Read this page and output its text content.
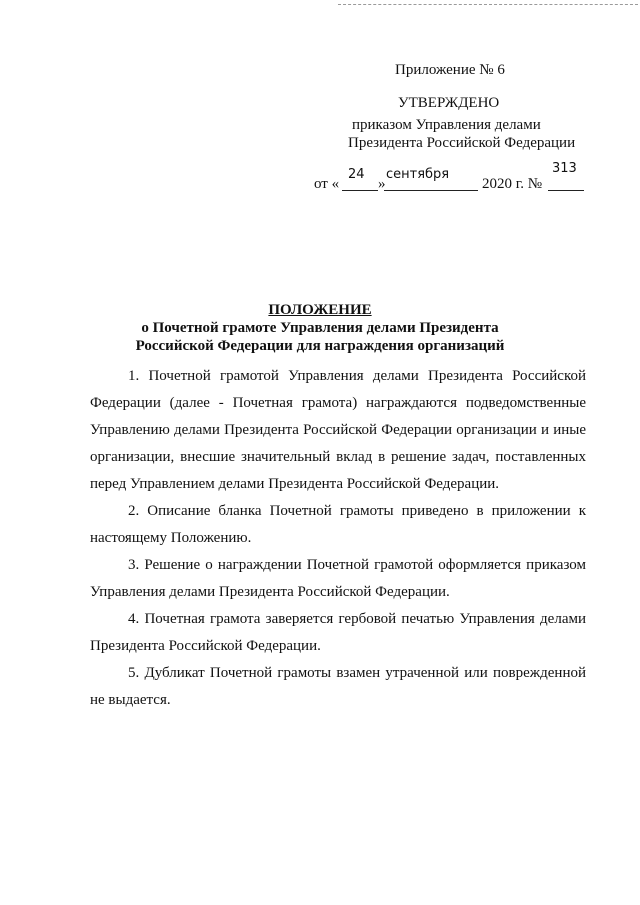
Приложение № 6
УТВЕРЖДЕНО
приказом Управления делами
Президента Российской Федерации
от «
24
»
сентября
2020 г. №
313
ПОЛОЖЕНИЕ
о Почетной грамоте Управления делами Президента
Российской Федерации для награждения организаций

1. Почетной грамотой Управления делами Президента Российской Федерации (далее - Почетная грамота) награждаются подведомственные Управлению делами Президента Российской Федерации организации и иные организации, внесшие значительный вклад в решение задач, поставленных перед Управлением делами Президента Российской Федерации.

2. Описание бланка Почетной грамоты приведено в приложении к настоящему Положению.

3. Решение о награждении Почетной грамотой оформляется приказом Управления делами Президента Российской Федерации.

4. Почетная грамота заверяется гербовой печатью Управления делами Президента Российской Федерации.

5. Дубликат Почетной грамоты взамен утраченной или поврежденной не выдается.
